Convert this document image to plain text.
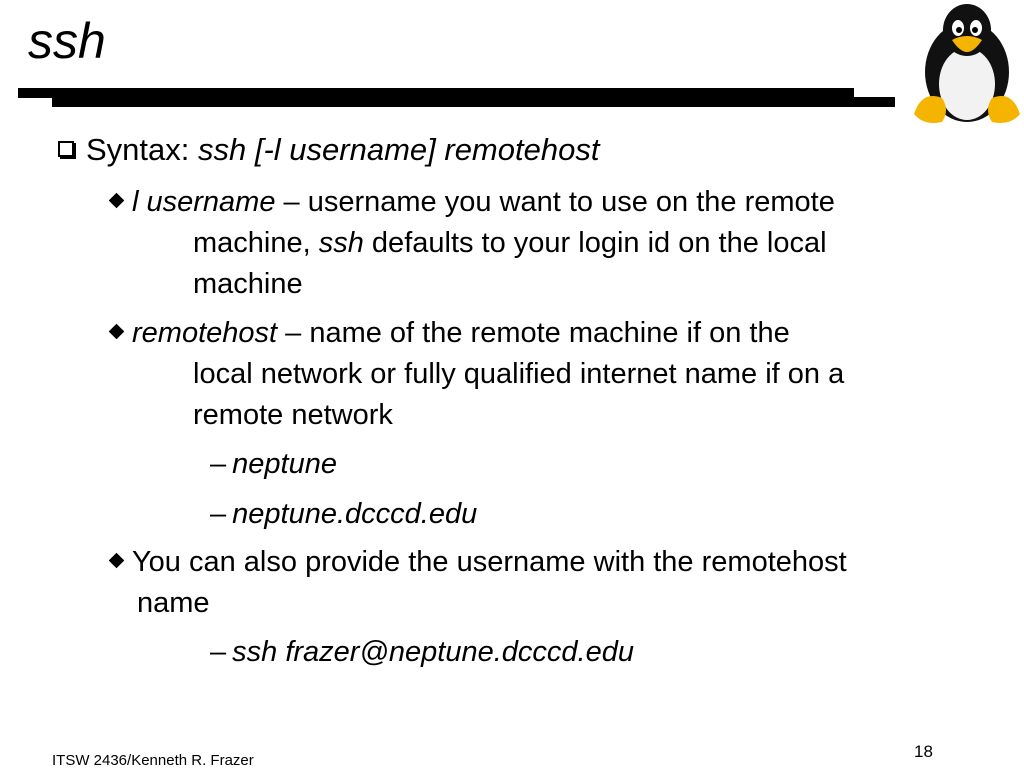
ssh
Syntax: ssh [-l username] remotehost
l username – username you want to use on the remote
machine, ssh defaults to your login id on the local
machine
remotehost – name of the remote machine if on the
local network or fully qualified internet name if on a
remote network
– neptune
– neptune.dcccd.edu
You can also provide the username with the remotehost
name
– ssh frazer@neptune.dcccd.edu
ITSW 2436/Kenneth R. Frazer	18
